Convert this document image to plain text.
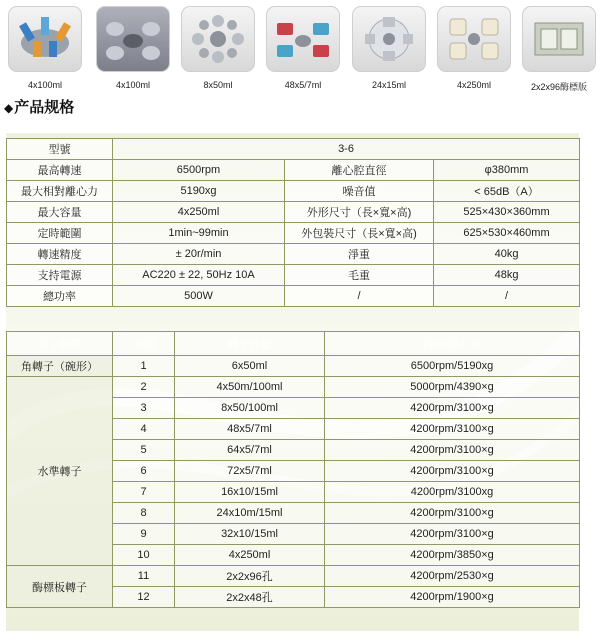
4x100ml	4x100ml	8x50ml	48x5/7ml	24x15ml	4x250ml	2x2x96酶標版
◆产品规格
型號	3-6		
最高轉速	6500rpm	離心腔直徑	φ380mm
最大相對離心力	5190xg	噪音值	< 65dB（A）
最大容量	4x250ml	外形尺寸（長×寬×高)	525×430×360mm
定時範圍	1min~99min	外包裝尺寸（長×寬×高)	625×530×460mm
轉速精度	± 20r/min	淨重	40kg
支持電源	AC220 ± 22, 50Hz 10A	毛重	48kg
總功率	500W	/	/
轉子類型	序號	轉子容量	轉速/離心力
角轉子（碗形）	1	6x50ml	6500rpm/5190xg
水準轉子	2	4x50m/100ml	5000rpm/4390×g
	3	8x50/100ml	4200rpm/3100×g
	4	48x5/7ml	4200rpm/3100×g
	5	64x5/7ml	4200rpm/3100×g
	6	72x5/7ml	4200rpm/3100×g
	7	16x10/15ml	4200rpm/3100xg
	8	24x10m/15ml	4200rpm/3100×g
	9	32x10/15ml	4200rpm/3100×g
	10	4x250ml	4200rpm/3850×g
酶標板轉子	11	2x2x96孔	4200rpm/2530×g
	12	2x2x48孔	4200rpm/1900×g
